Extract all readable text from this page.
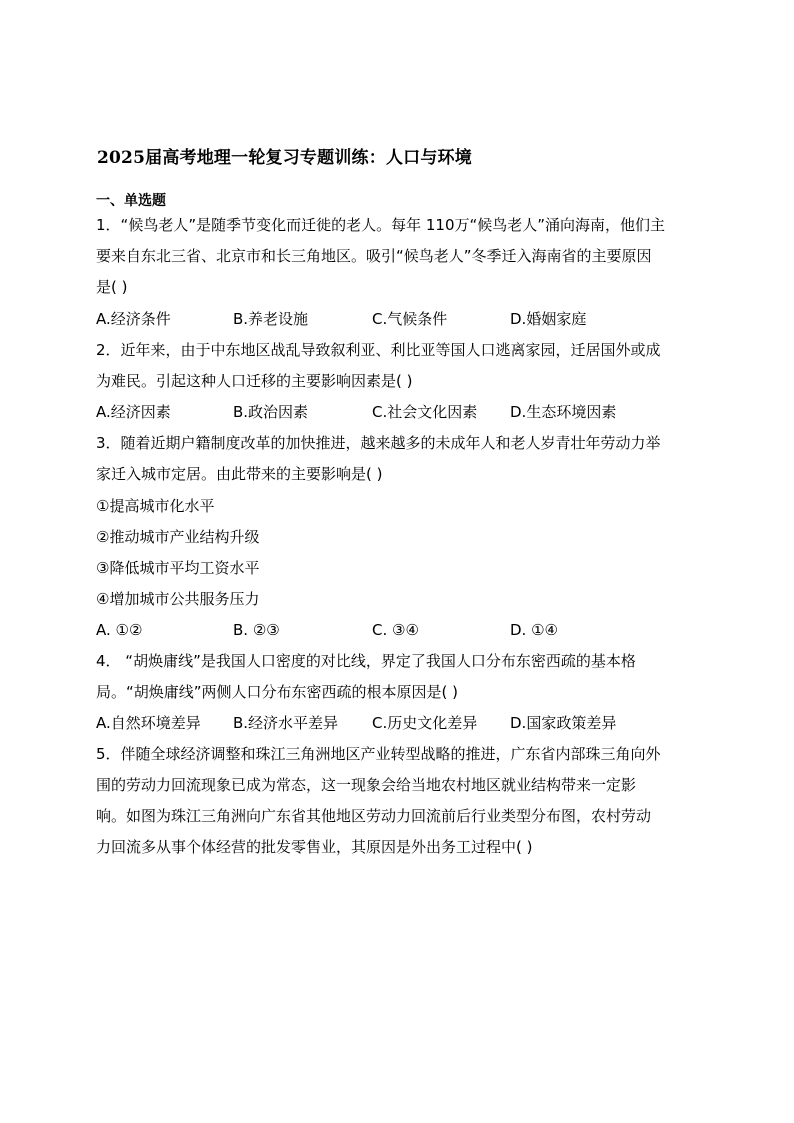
2025届高考地理一轮复习专题训练：人口与环境
一、单选题
1．“候鸟老人”是随季节变化而迁徙的老人。每年 110万“候鸟老人”涌向海南，他们主
要来自东北三省、北京市和长三角地区。吸引“候鸟老人”冬季迁入海南省的主要原因
是( )
A.经济条件	B.养老设施	C.气候条件	D.婚姻家庭
2．近年来，由于中东地区战乱导致叙利亚、利比亚等国人口逃离家园，迁居国外或成
为难民。引起这种人口迁移的主要影响因素是( )
A.经济因素	B.政治因素	C.社会文化因素 D.生态环境因素
3．随着近期户籍制度改革的加快推进，越来越多的未成年人和老人岁青壮年劳动力举
家迁入城市定居。由此带来的主要影响是( )
①提高城市化水平
②推动城市产业结构升级
③降低城市平均工资水平
④增加城市公共服务压力
A. ①②	B. ②③	C. ③④	D. ①④
4． “胡焕庸线”是我国人口密度的对比线，界定了我国人口分布东密西疏的基本格
局。“胡焕庸线”两侧人口分布东密西疏的根本原因是( )
A.自然环境差异 B.经济水平差异 C.历史文化差异 D.国家政策差异
5．伴随全球经济调整和珠江三角洲地区产业转型战略的推进，广东省内部珠三角向外
围的劳动力回流现象已成为常态，这一现象会给当地农村地区就业结构带来一定影
响。如图为珠江三角洲向广东省其他地区劳动力回流前后行业类型分布图，农村劳动
力回流多从事个体经营的批发零售业，其原因是外出务工过程中( )
